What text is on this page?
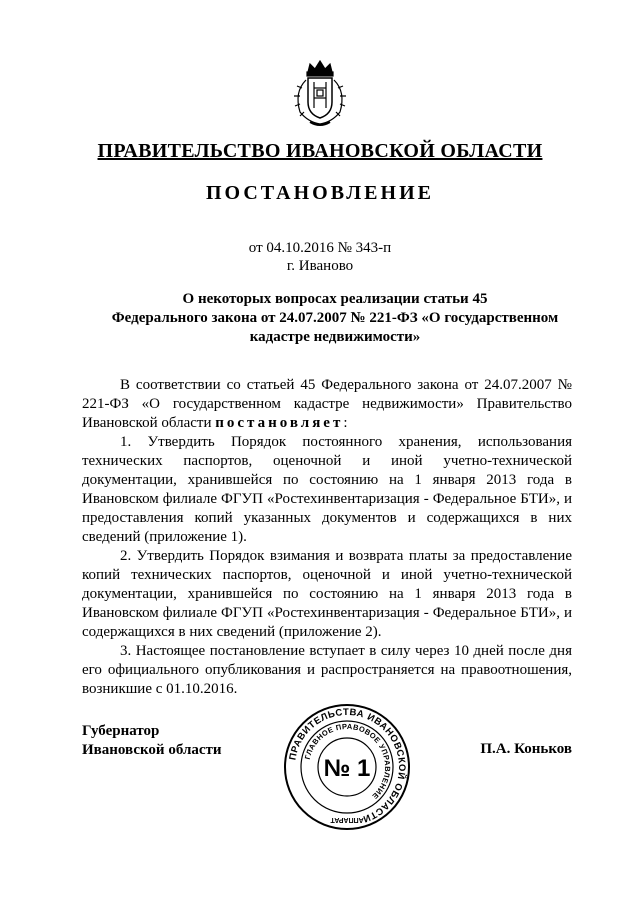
ПРАВИТЕЛЬСТВО ИВАНОВСКОЙ ОБЛАСТИ
ПОСТАНОВЛЕНИЕ
от 04.10.2016 № 343-п
г. Иваново
О некоторых вопросах реализации статьи 45
Федерального закона от 24.07.2007 № 221-ФЗ «О государственном
кадастре недвижимости»

В соответствии со статьей 45 Федерального закона от 24.07.2007 № 221-ФЗ «О государственном кадастре недвижимости» Правительство Ивановской области постановляет:

1. Утвердить Порядок постоянного хранения, использования технических паспортов, оценочной и иной учетно-технической документации, хранившейся по состоянию на 1 января 2013 года в Ивановском филиале ФГУП «Ростехинвентаризация - Федеральное БТИ», и предоставления копий указанных документов и содержащихся в них сведений (приложение 1).

2. Утвердить Порядок взимания и возврата платы за предоставление копий технических паспортов, оценочной и иной учетно-технической документации, хранившейся по состоянию на 1 января 2013 года в Ивановском филиале ФГУП «Ростехинвентаризация - Федеральное БТИ», и содержащихся в них сведений (приложение 2).

3. Настоящее постановление вступает в силу через 10 дней после дня его официального опубликования и распространяется на правоотношения, возникшие с 01.10.2016.

Губернатор
Ивановской области	П.А. Коньков
ПРАВИТЕЛЬСТВА ИВАНОВСКОЙ ОБЛАСТИ
ГЛАВНОЕ ПРАВОВОЕ УПРАВЛЕНИЕ
АППАРАТ
№ 1
